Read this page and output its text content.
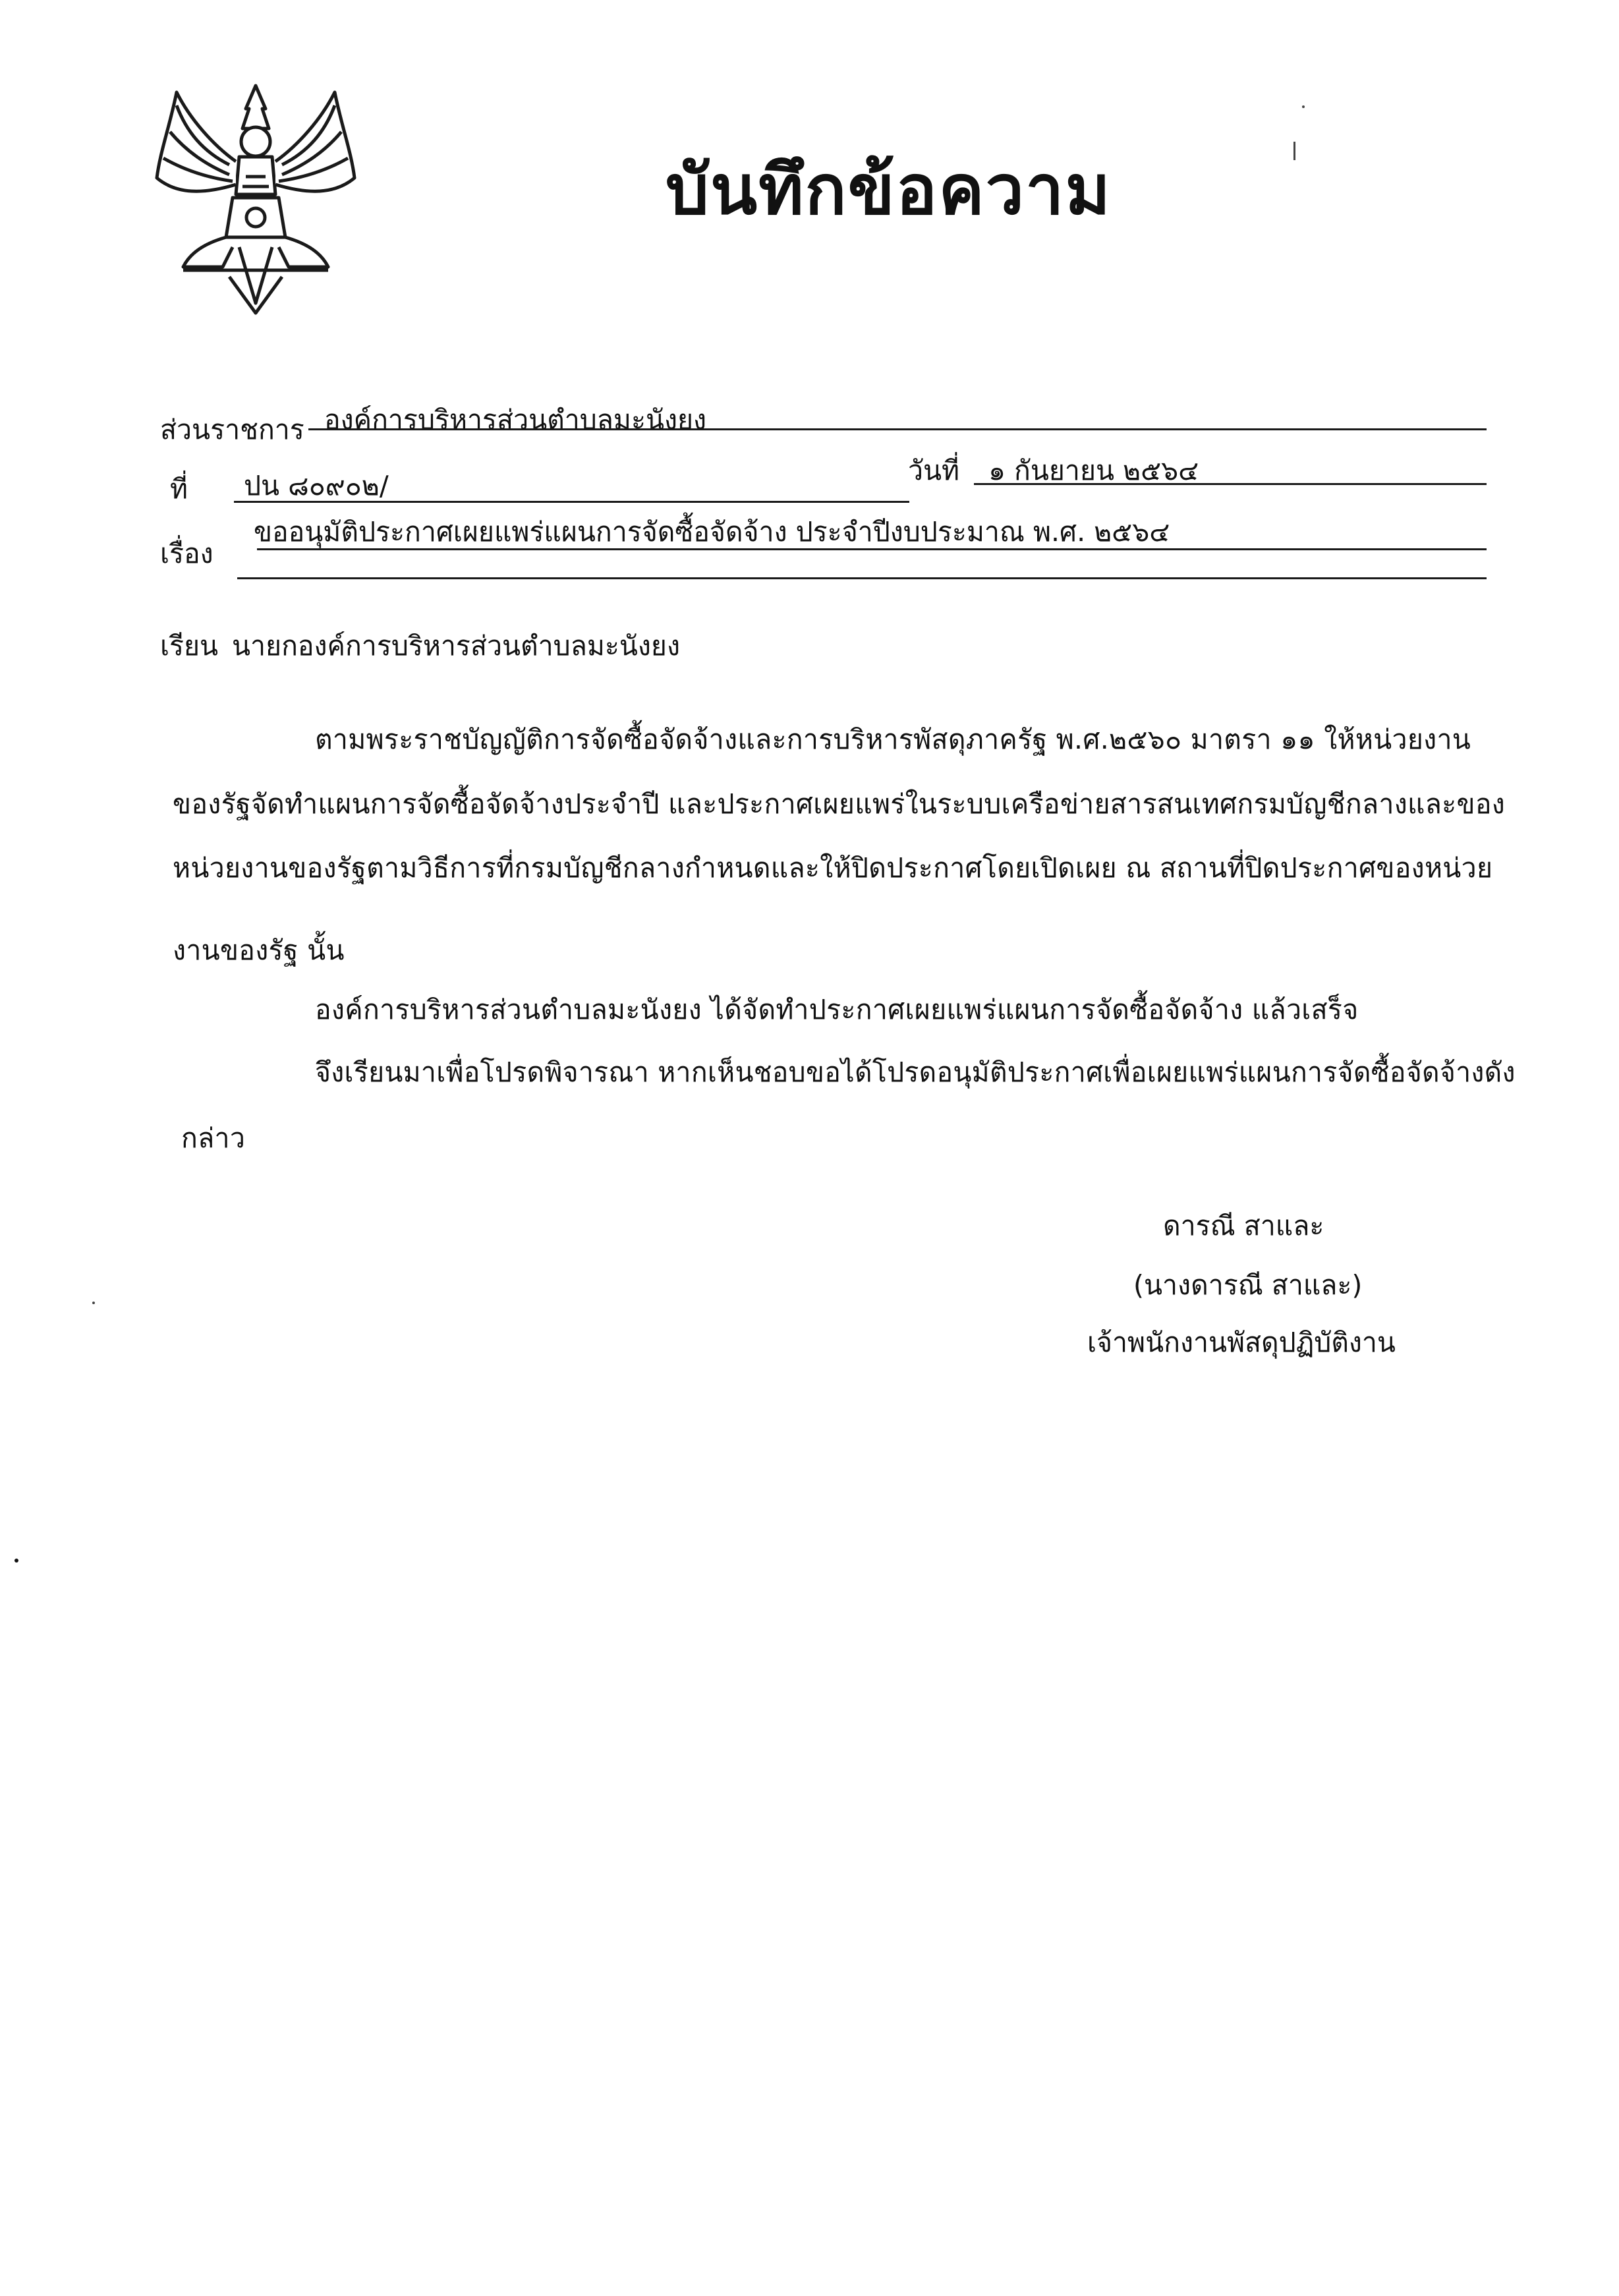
บันทึกข้อความ
ส่วนราชการ องค์การบริหารส่วนตำบลมะนังยง
ที่ ปน ๘๐๙๐๒/	วันที่ ๑ กันยายน ๒๕๖๔
เรื่อง
ขออนุมัติประกาศเผยแพร่แผนการจัดซื้อจัดจ้าง ประจำปีงบประมาณ พ.ศ. ๒๕๖๔
เรียน นายกองค์การบริหารส่วนตำบลมะนังยง
ตามพระราชบัญญัติการจัดซื้อจัดจ้างและการบริหารพัสดุภาครัฐ พ.ศ.๒๕๖๐ มาตรา ๑๑ ให้หน่วยงาน
ของรัฐจัดทำแผนการจัดซื้อจัดจ้างประจำปี และประกาศเผยแพร่ในระบบเครือข่ายสารสนเทศกรมบัญชีกลางและของ
หน่วยงานของรัฐตามวิธีการที่กรมบัญชีกลางกำหนดและให้ปิดประกาศโดยเปิดเผย ณ สถานที่ปิดประกาศของหน่วย
งานของรัฐ นั้น
องค์การบริหารส่วนตำบลมะนังยง ได้จัดทำประกาศเผยแพร่แผนการจัดซื้อจัดจ้าง แล้วเสร็จ
จึงเรียนมาเพื่อโปรดพิจารณา หากเห็นชอบขอได้โปรดอนุมัติประกาศเพื่อเผยแพร่แผนการจัดซื้อจัดจ้างดัง
กล่าว
ดารณี สาและ
(นางดารณี สาและ)
เจ้าพนักงานพัสดุปฏิบัติงาน
